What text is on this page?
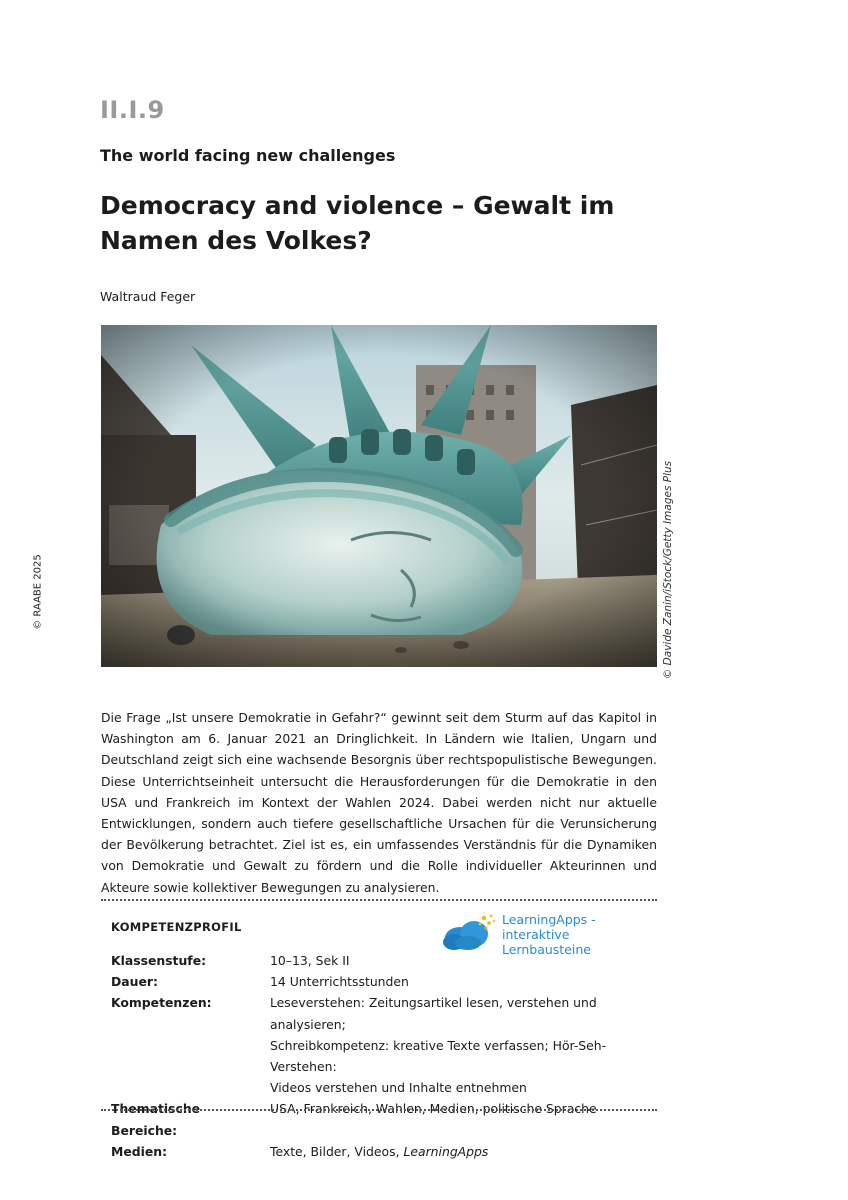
II.I.9
The world facing new challenges
Democracy and violence – Gewalt im Namen des Volkes?
Waltraud Feger
© RAABE 2025	© Davide Zanin/iStock/Getty Images Plus

Die Frage „Ist unsere Demokratie in Gefahr?“ gewinnt seit dem Sturm auf das Kapitol in Washington am 6. Januar 2021 an Dringlichkeit. In Ländern wie Italien, Ungarn und Deutschland zeigt sich eine wachsende Besorgnis über rechtspopulistische Bewegungen. Diese Unterrichtseinheit untersucht die Herausforderungen für die Demokratie in den USA und Frankreich im Kontext der Wahlen 2024. Dabei werden nicht nur aktuelle Entwicklungen, sondern auch tiefere gesellschaftliche Ursachen für die Verunsicherung der Bevölkerung betrachtet. Ziel ist es, ein umfassendes Verständnis für die Dynamiken von Demokratie und Gewalt zu fördern und die Rolle individueller Akteurinnen und Akteure sowie kollektiver Bewegungen zu analysieren.

KOMPETENZPROFIL	LearningApps -
interaktive Lernbausteine
Klassenstufe:	10–13, Sek II
Dauer:	14 Unterrichtsstunden
Kompetenzen:	Leseverstehen: Zeitungsartikel lesen, verstehen und analysieren;
Schreibkompetenz: kreative Texte verfassen; Hör-Seh-Verstehen:
Videos verstehen und Inhalte entnehmen
Thematische Bereiche:
USA, Frankreich, Wahlen, Medien, politische Sprache
Medien:	Texte, Bilder, Videos, LearningApps
